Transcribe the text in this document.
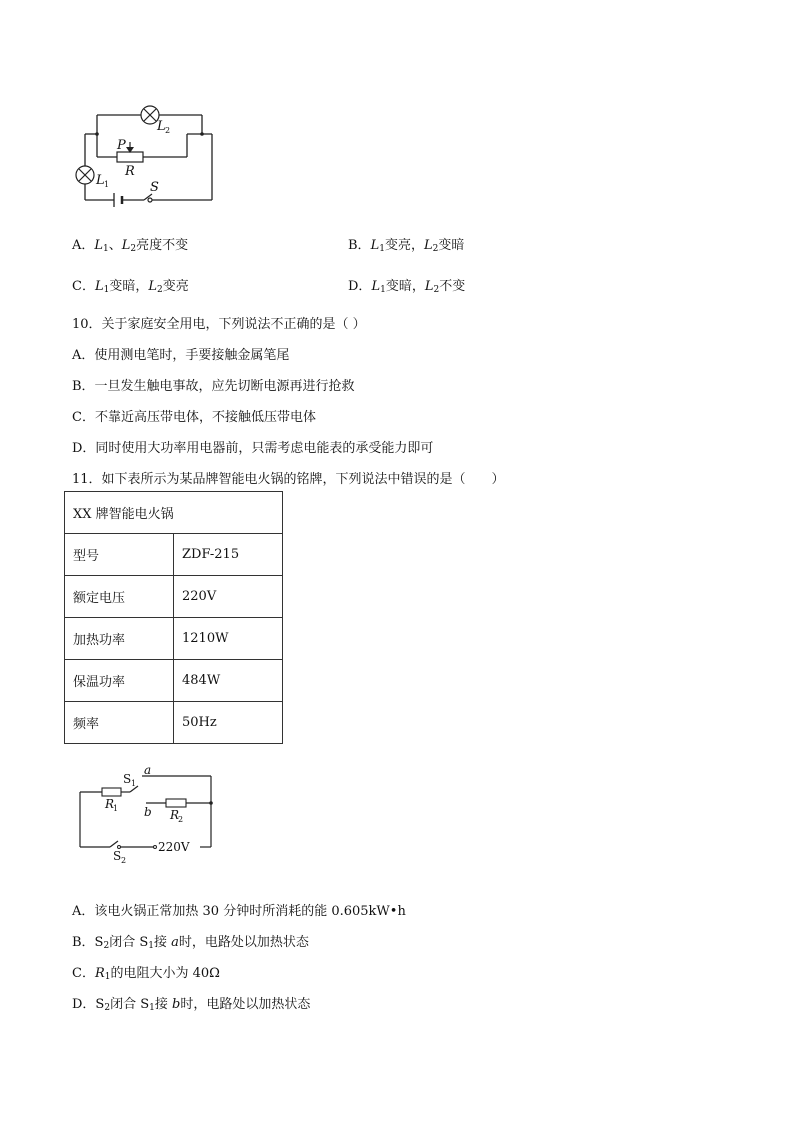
L 2
L 1
P
R
S
A．$L_1$、$L_2$亮度不变	B．$L_1$变亮，$L_2$变暗
C．$L_1$变暗，$L_2$变亮	D．$L_1$变暗，$L_2$不变
10．关于家庭安全用电，下列说法不正确的是（ ）
A．使用测电笔时，手要接触金属笔尾
B．一旦发生触电事故，应先切断电源再进行抢救
C．不靠近高压带电体，不接触低压带电体
D．同时使用大功率用电器前，只需考虑电能表的承受能力即可
11．如下表所示为某品牌智能电火锅的铭牌，下列说法中错误的是（　　）
XX 牌智能电火锅	
型号	ZDF-215
额定电压	220V
加热功率	1210W
保温功率	484W
频率	50Hz
S 1
a
b
R
1	R
2
S 2
220V
A．该电火锅正常加热 30 分钟时所消耗的能 0.605kW•h
B．$S_2$闭合 $S_1$接 a时，电路处以加热状态
C．$R_1$的电阻大小为 40Ω
D．$S_2$闭合 $S_1$接 b时，电路处以加热状态
